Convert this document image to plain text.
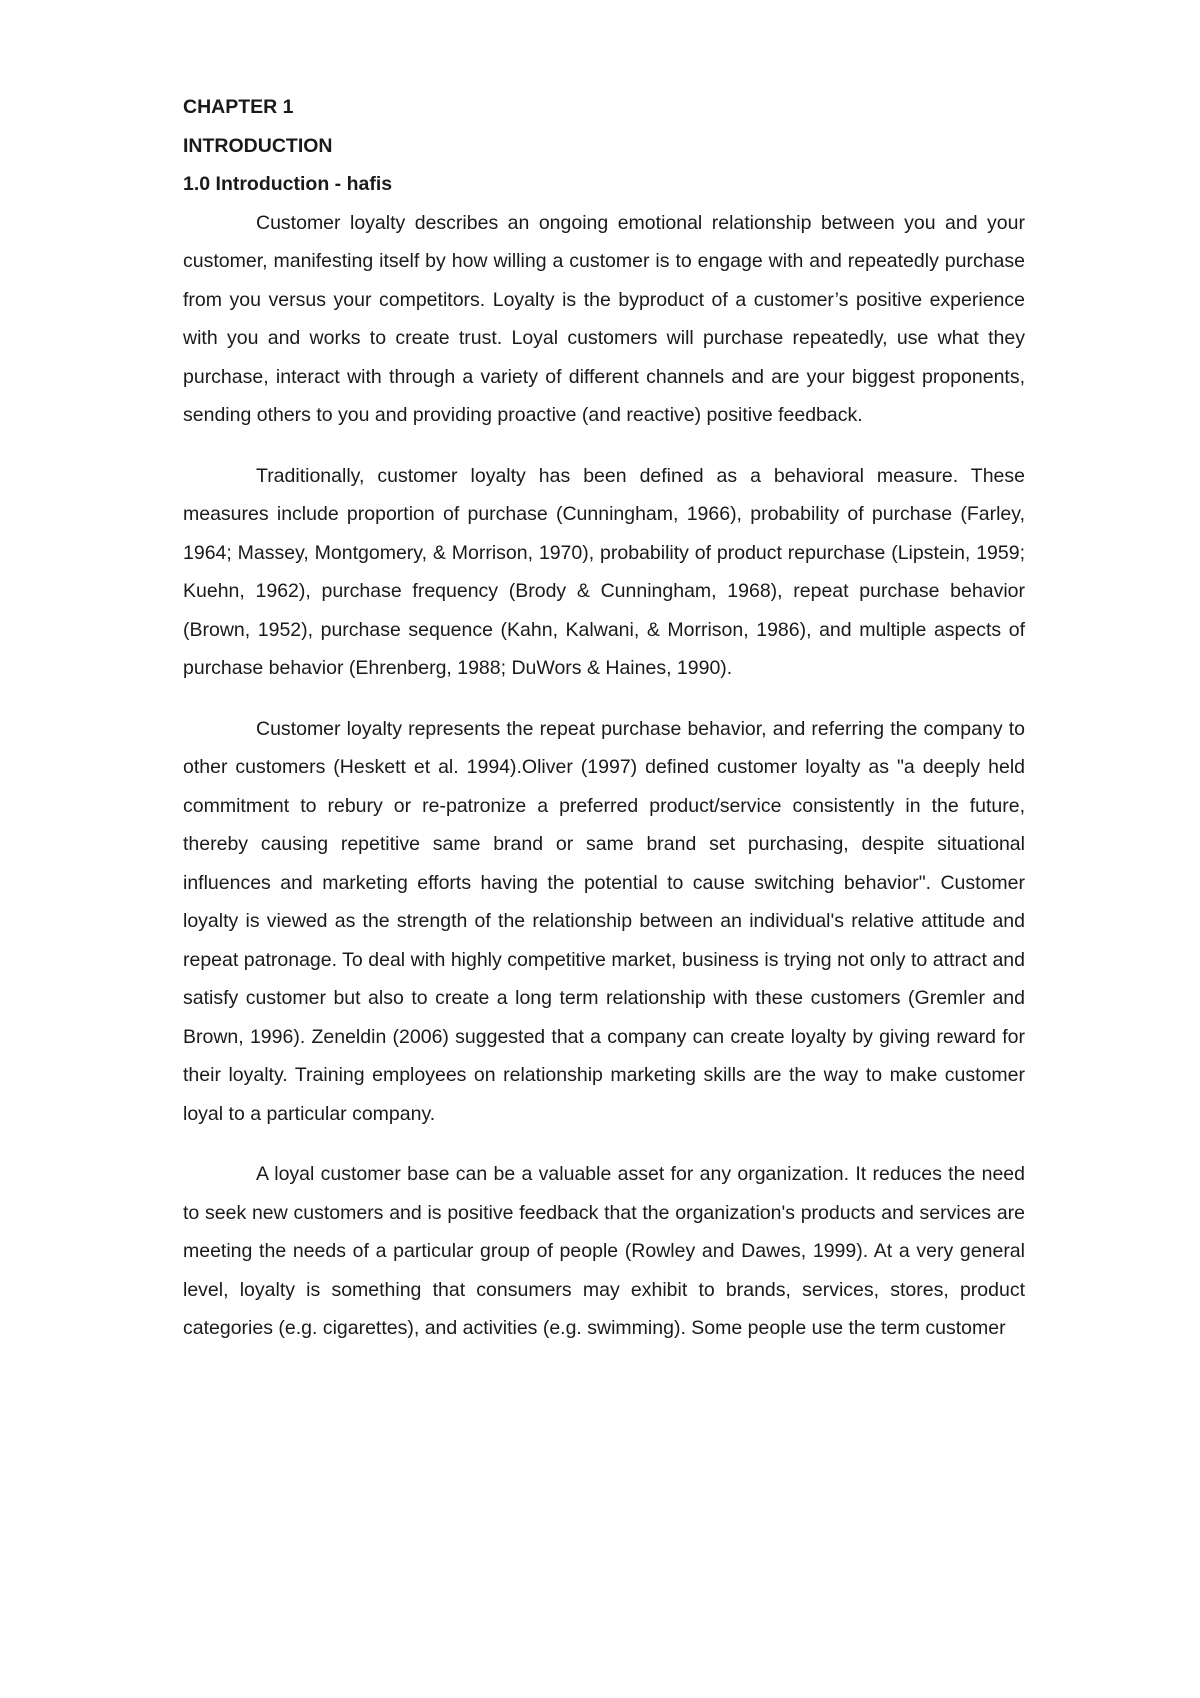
CHAPTER 1

INTRODUCTION

1.0 Introduction - hafis

Customer loyalty describes an ongoing emotional relationship between you and your customer, manifesting itself by how willing a customer is to engage with and repeatedly purchase from you versus your competitors. Loyalty is the byproduct of a customer’s positive experience with you and works to create trust. Loyal customers will purchase repeatedly, use what they purchase, interact with through a variety of different channels and are your biggest proponents, sending others to you and providing proactive (and reactive) positive feedback.

Traditionally, customer loyalty has been defined as a behavioral measure. These measures include proportion of purchase (Cunningham, 1966), probability of purchase (Farley, 1964; Massey, Montgomery, & Morrison, 1970), probability of product repurchase (Lipstein, 1959; Kuehn, 1962), purchase frequency (Brody & Cunningham, 1968), repeat purchase behavior (Brown, 1952), purchase sequence (Kahn, Kalwani, & Morrison, 1986), and multiple aspects of purchase behavior (Ehrenberg, 1988; DuWors & Haines, 1990).

Customer loyalty represents the repeat purchase behavior, and referring the company to other customers (Heskett et al. 1994).Oliver (1997) defined customer loyalty as "a deeply held commitment to rebury or re-patronize a preferred product/service consistently in the future, thereby causing repetitive same brand or same brand set purchasing, despite situational influences and marketing efforts having the potential to cause switching behavior". Customer loyalty is viewed as the strength of the relationship between an individual's relative attitude and repeat patronage. To deal with highly competitive market, business is trying not only to attract and satisfy customer but also to create a long term relationship with these customers (Gremler and Brown, 1996). Zeneldin (2006) suggested that a company can create loyalty by giving reward for their loyalty. Training employees on relationship marketing skills are the way to make customer loyal to a particular company.

A loyal customer base can be a valuable asset for any organization. It reduces the need to seek new customers and is positive feedback that the organization's products and services are meeting the needs of a particular group of people (Rowley and Dawes, 1999). At a very general level, loyalty is something that consumers may exhibit to brands, services, stores, product categories (e.g. cigarettes), and activities (e.g. swimming). Some people use the term customer
